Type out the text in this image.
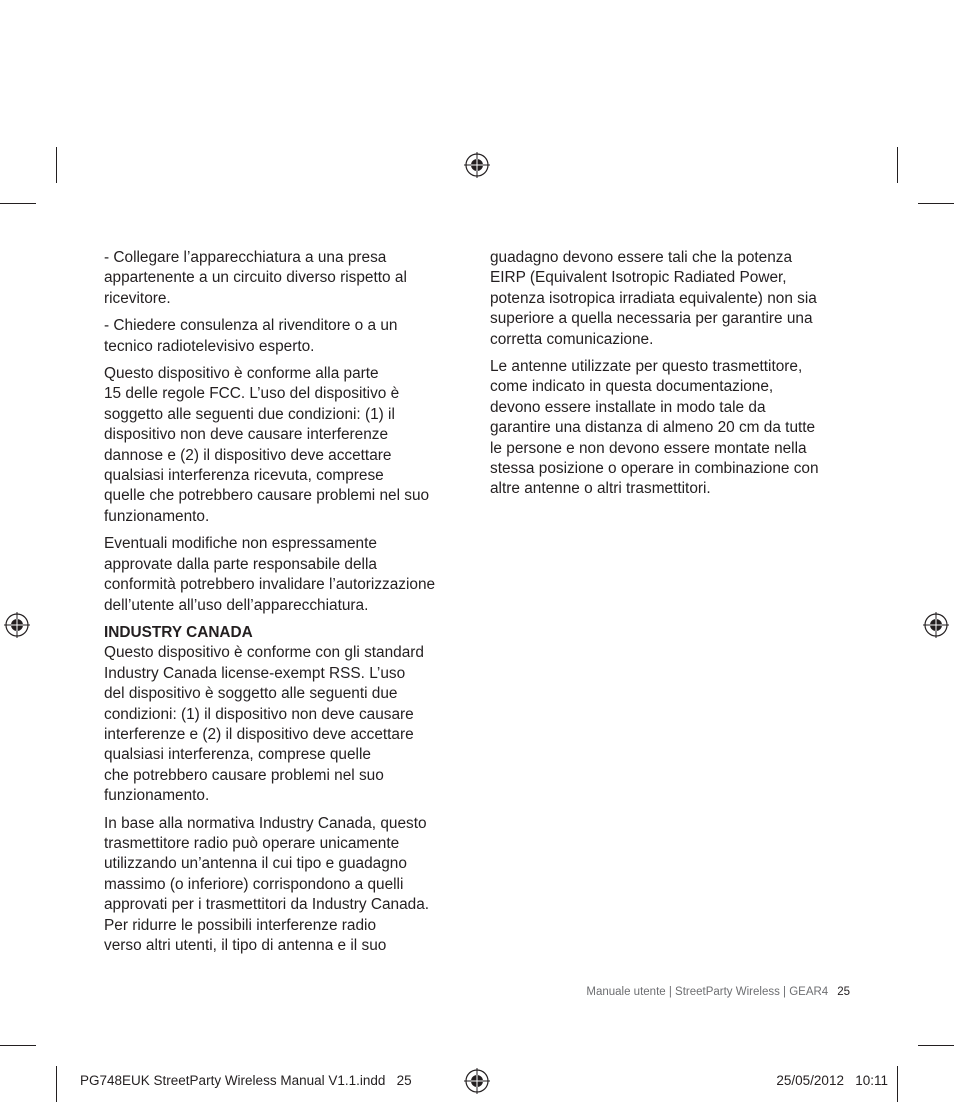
- Collegare l’apparecchiatura a una presa
appartenente a un circuito diverso rispetto al
ricevitore.

- Chiedere consulenza al rivenditore o a un
tecnico radiotelevisivo esperto.

Questo dispositivo è conforme alla parte
15 delle regole FCC. L’uso del dispositivo è
soggetto alle seguenti due condizioni: (1) il
dispositivo non deve causare interferenze
dannose e (2) il dispositivo deve accettare
qualsiasi interferenza ricevuta, comprese
quelle che potrebbero causare problemi nel suo
funzionamento.

Eventuali modifiche non espressamente
approvate dalla parte responsabile della
conformità potrebbero invalidare l’autorizzazione
dell’utente all’uso dell’apparecchiatura.

INDUSTRY CANADA
Questo dispositivo è conforme con gli standard
Industry Canada license-exempt RSS. L’uso
del dispositivo è soggetto alle seguenti due
condizioni: (1) il dispositivo non deve causare
interferenze e (2) il dispositivo deve accettare
qualsiasi interferenza, comprese quelle
che potrebbero causare problemi nel suo
funzionamento.

In base alla normativa Industry Canada, questo
trasmettitore radio può operare unicamente
utilizzando un’antenna il cui tipo e guadagno
massimo (o inferiore) corrispondono a quelli
approvati per i trasmettitori da Industry Canada.
Per ridurre le possibili interferenze radio
verso altri utenti, il tipo di antenna e il suo

guadagno devono essere tali che la potenza
EIRP (Equivalent Isotropic Radiated Power,
potenza isotropica irradiata equivalente) non sia
superiore a quella necessaria per garantire una
corretta comunicazione.

Le antenne utilizzate per questo trasmettitore,
come indicato in questa documentazione,
devono essere installate in modo tale da
garantire una distanza di almeno 20 cm da tutte
le persone e non devono essere montate nella
stessa posizione o operare in combinazione con
altre antenne o altri trasmettitori.

Manuale utente | StreetParty Wireless | GEAR4 25
PG748EUK StreetParty Wireless Manual V1.1.indd   25	25/05/2012   10:11
